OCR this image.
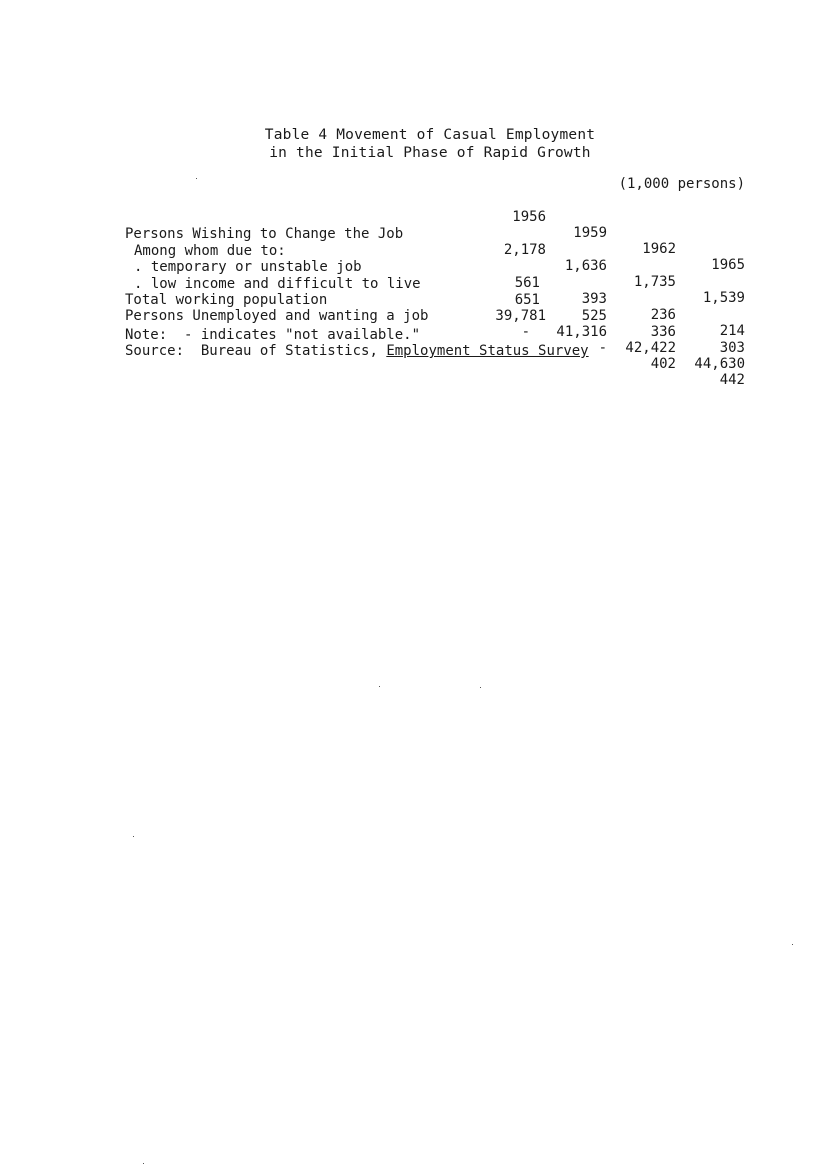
Table 4 Movement of Casual Employment
in the Initial Phase of Rapid Growth
(1,000 persons)

1956

1959

1962

1965

Persons Wishing to Change the Job

2,178

1,636

1,735

1,539

Among whom due to:

. temporary or unstable job

561

393

236

214

. low income and difficult to live

651

525

336

303

Total working population

39,781

41,316

42,422

44,630

Persons Unemployed and wanting a job

-

-

402

442

Note: - indicates "not available."
Source: Bureau of Statistics, Employment Status Survey
